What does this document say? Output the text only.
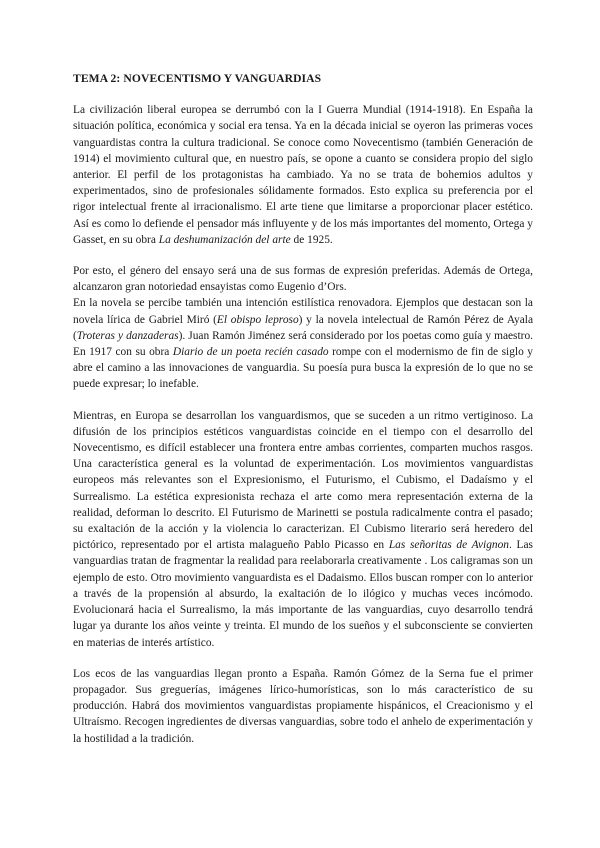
TEMA 2: NOVECENTISMO Y VANGUARDIAS

La civilización liberal europea se derrumbó con la I Guerra Mundial (1914-1918). En España la situación política, económica y social era tensa. Ya en la década inicial se oyeron las primeras voces vanguardistas contra la cultura tradicional. Se conoce como Novecentismo (también Generación de 1914) el movimiento cultural que, en nuestro país, se opone a cuanto se considera propio del siglo anterior. El perfil de los protagonistas ha cambiado. Ya no se trata de bohemios adultos y experimentados, sino de profesionales sólidamente formados. Esto explica su preferencia por el rigor intelectual frente al irracionalismo. El arte tiene que limitarse a proporcionar placer estético. Así es como lo defiende el pensador más influyente y de los más importantes del momento, Ortega y Gasset, en su obra La deshumanización del arte de 1925.

Por esto, el género del ensayo será una de sus formas de expresión preferidas. Además de Ortega, alcanzaron gran notoriedad ensayistas como Eugenio d’Ors.

En la novela se percibe también una intención estilística renovadora. Ejemplos que destacan son la novela lírica de Gabriel Miró (El obispo leproso) y la novela intelectual de Ramón Pérez de Ayala (Troteras y danzaderas). Juan Ramón Jiménez será considerado por los poetas como guía y maestro. En 1917 con su obra Diario de un poeta recién casado rompe con el modernismo de fin de siglo y abre el camino a las innovaciones de vanguardia. Su poesía pura busca la expresión de lo que no se puede expresar; lo inefable.

Mientras, en Europa se desarrollan los vanguardismos, que se suceden a un ritmo vertiginoso. La difusión de los principios estéticos vanguardistas coincide en el tiempo con el desarrollo del Novecentismo, es difícil establecer una frontera entre ambas corrientes, comparten muchos rasgos. Una característica general es la voluntad de experimentación. Los movimientos vanguardistas europeos más relevantes son el Expresionismo, el Futurismo, el Cubismo, el Dadaísmo y el Surrealismo. La estética expresionista rechaza el arte como mera representación externa de la realidad, deforman lo descrito. El Futurismo de Marinetti se postula radicalmente contra el pasado; su exaltación de la acción y la violencia lo caracterizan. El Cubismo literario será heredero del pictórico, representado por el artista malagueño Pablo Picasso en Las señoritas de Avignon. Las vanguardias tratan de fragmentar la realidad para reelaborarla creativamente . Los caligramas son un ejemplo de esto. Otro movimiento vanguardista es el Dadaismo. Ellos buscan romper con lo anterior a través de la propensión al absurdo, la exaltación de lo ilógico y muchas veces incómodo. Evolucionará hacia el Surrealismo, la más importante de las vanguardias, cuyo desarrollo tendrá lugar ya durante los años veinte y treinta. El mundo de los sueños y el subconsciente se convierten en materias de interés artístico.

Los ecos de las vanguardias llegan pronto a España. Ramón Gómez de la Serna fue el primer propagador. Sus greguerías, imágenes lírico-humorísticas, son lo más característico de su producción. Habrá dos movimientos vanguardistas propiamente hispánicos, el Creacionismo y el Ultraísmo. Recogen ingredientes de diversas vanguardias, sobre todo el anhelo de experimentación y la hostilidad a la tradición.
